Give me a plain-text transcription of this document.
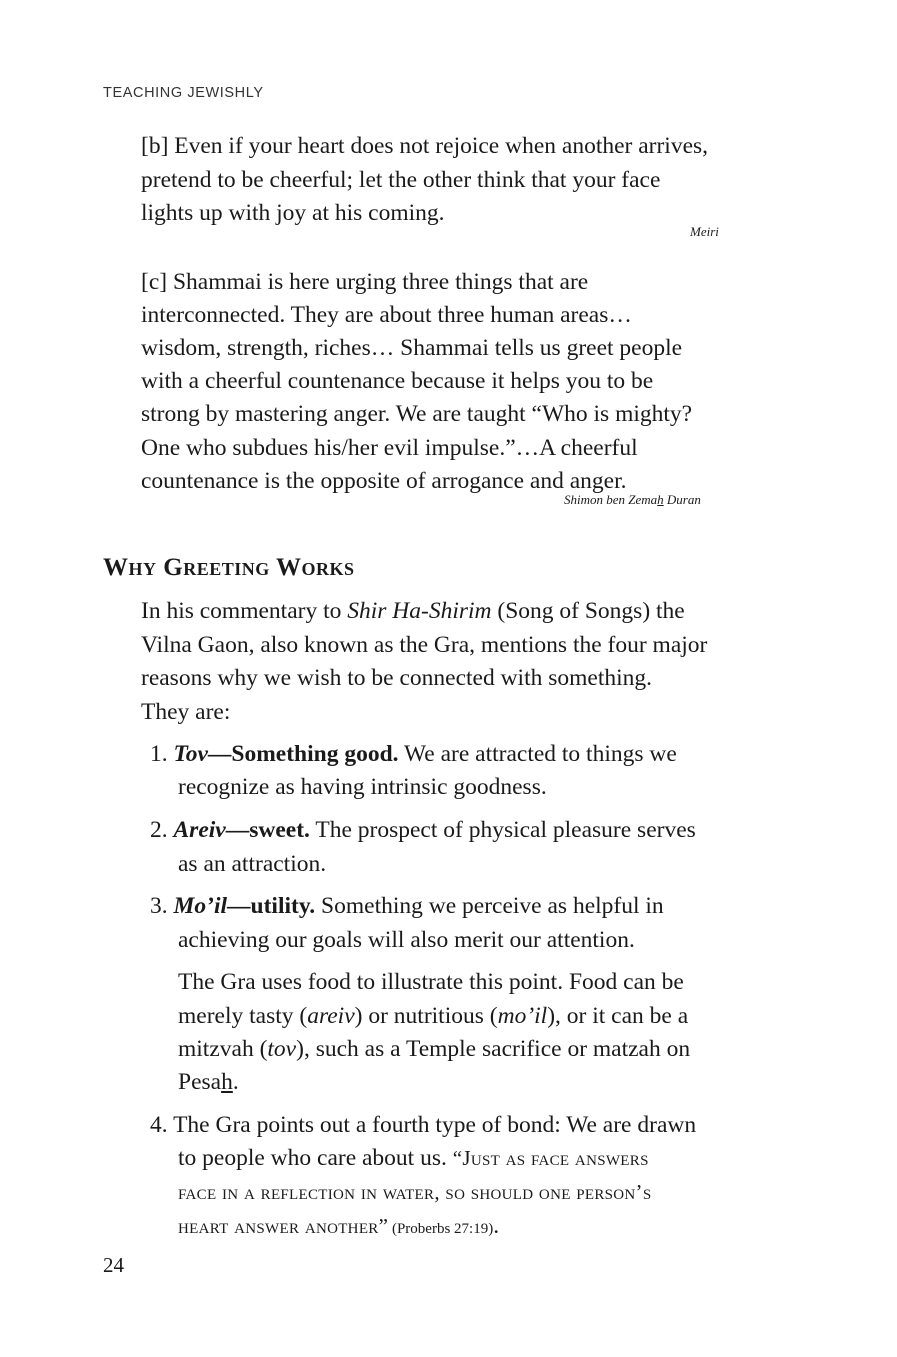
TEACHING JEWISHLY
[b] Even if your heart does not rejoice when another arrives,
pretend to be cheerful; let the other think that your face
lights up with joy at his coming.
Meiri
[c] Shammai is here urging three things that are
interconnected. They are about three human areas…
wisdom, strength, riches… Shammai tells us greet people
with a cheerful countenance because it helps you to be
strong by mastering anger. We are taught “Who is mighty?
One who subdues his/her evil impulse.”…A cheerful
countenance is the opposite of arrogance and anger.
Shimon ben Zemah Duran
Why Greeting Works
In his commentary to Shir Ha-Shirim (Song of Songs) the
Vilna Gaon, also known as the Gra, mentions the four major
reasons why we wish to be connected with something.
They are:
1. Tov—Something good. We are attracted to things we
recognize as having intrinsic goodness.
2. Areiv—sweet. The prospect of physical pleasure serves
as an attraction.
3. Mo’il—utility. Something we perceive as helpful in
achieving our goals will also merit our attention.
The Gra uses food to illustrate this point. Food can be
merely tasty (areiv) or nutritious (mo’il), or it can be a
mitzvah (tov), such as a Temple sacrifice or matzah on
Pesah.
4. The Gra points out a fourth type of bond: We are drawn
to people who care about us. “Just as face answers
face in a reflection in water, so should one person’s
heart answer another” (Proberbs 27:19).
24
